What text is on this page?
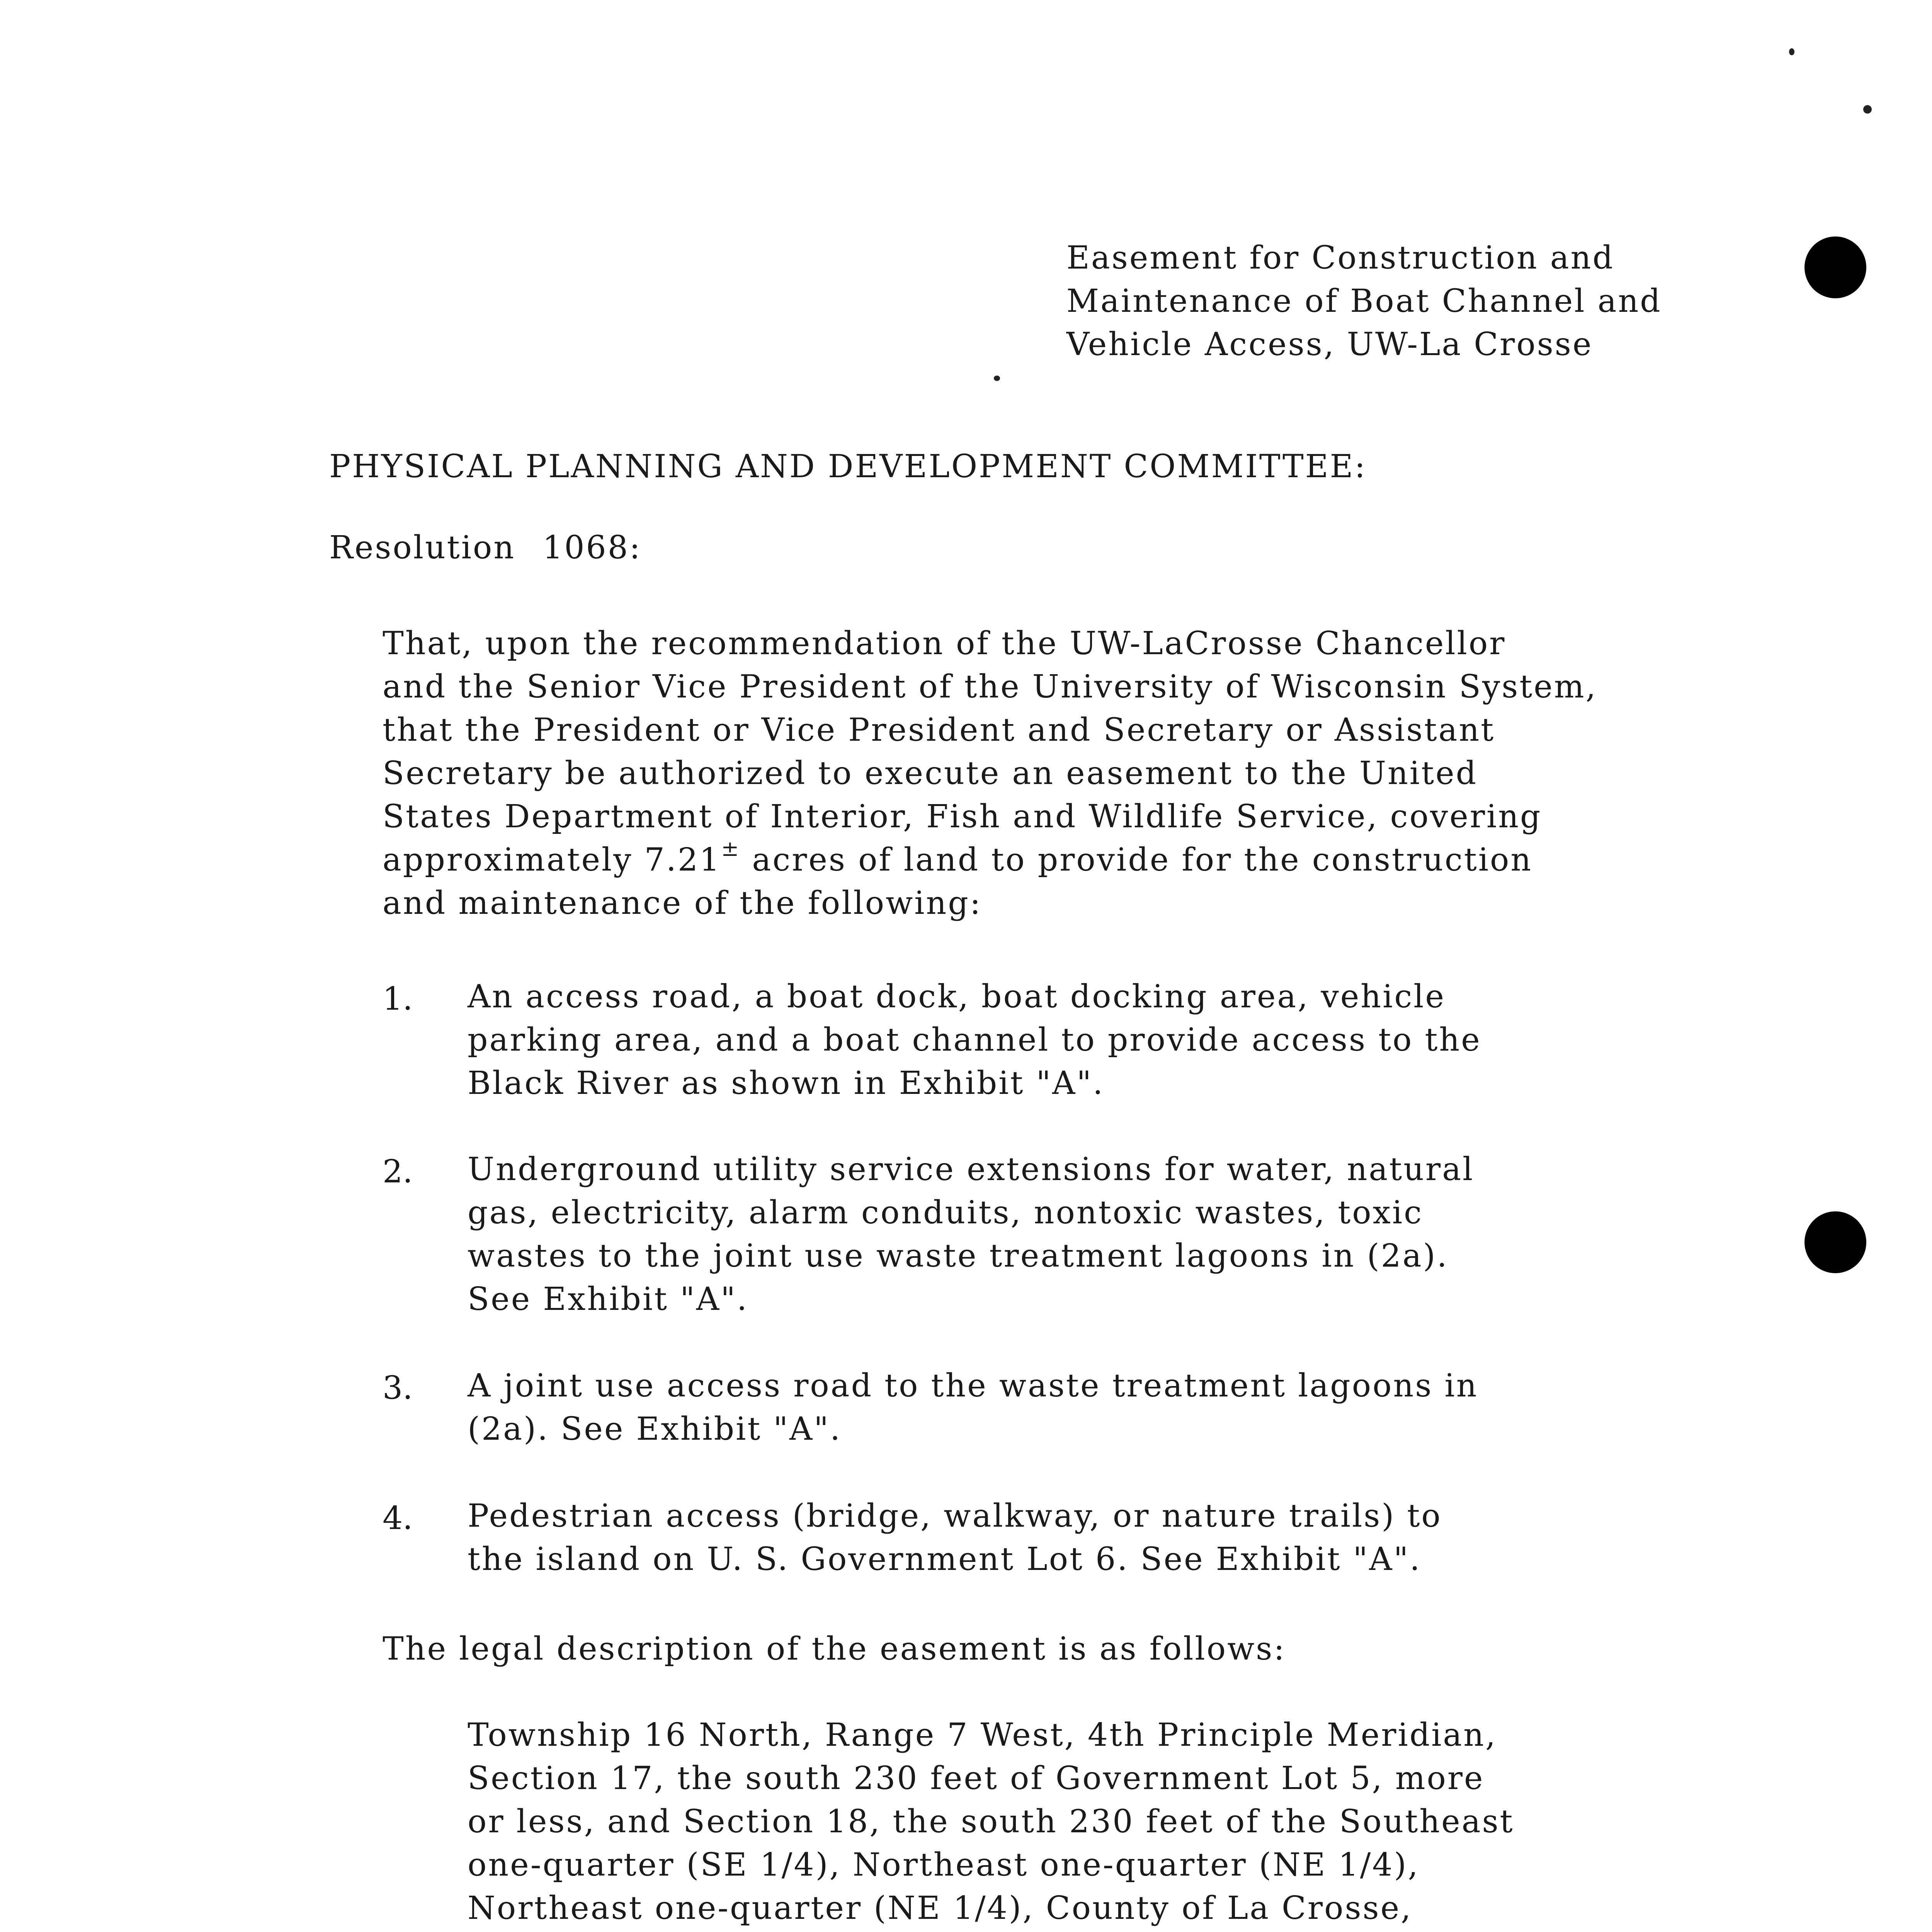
Easement for Construction and
Maintenance of Boat Channel and
Vehicle Access, UW-La Crosse
PHYSICAL PLANNING AND DEVELOPMENT COMMITTEE:
Resolution 1068:
That, upon the recommendation of the UW-LaCrosse Chancellor
and the Senior Vice President of the University of Wisconsin System,
that the President or Vice President and Secretary or Assistant
Secretary be authorized to execute an easement to the United
States Department of Interior, Fish and Wildlife Service, covering
approximately 7.21± acres of land to provide for the construction
and maintenance of the following:
1. An access road, a boat dock, boat docking area, vehicle
parking area, and a boat channel to provide access to the
Black River as shown in Exhibit "A".
2. Underground utility service extensions for water, natural
gas, electricity, alarm conduits, nontoxic wastes, toxic
wastes to the joint use waste treatment lagoons in (2a).
See Exhibit "A".
3. A joint use access road to the waste treatment lagoons in
(2a). See Exhibit "A".
4. Pedestrian access (bridge, walkway, or nature trails) to
the island on U. S. Government Lot 6. See Exhibit "A".
The legal description of the easement is as follows:
Township 16 North, Range 7 West, 4th Principle Meridian,
Section 17, the south 230 feet of Government Lot 5, more
or less, and Section 18, the south 230 feet of the Southeast
one-quarter (SE 1/4), Northeast one-quarter (NE 1/4),
Northeast one-quarter (NE 1/4), County of La Crosse,
